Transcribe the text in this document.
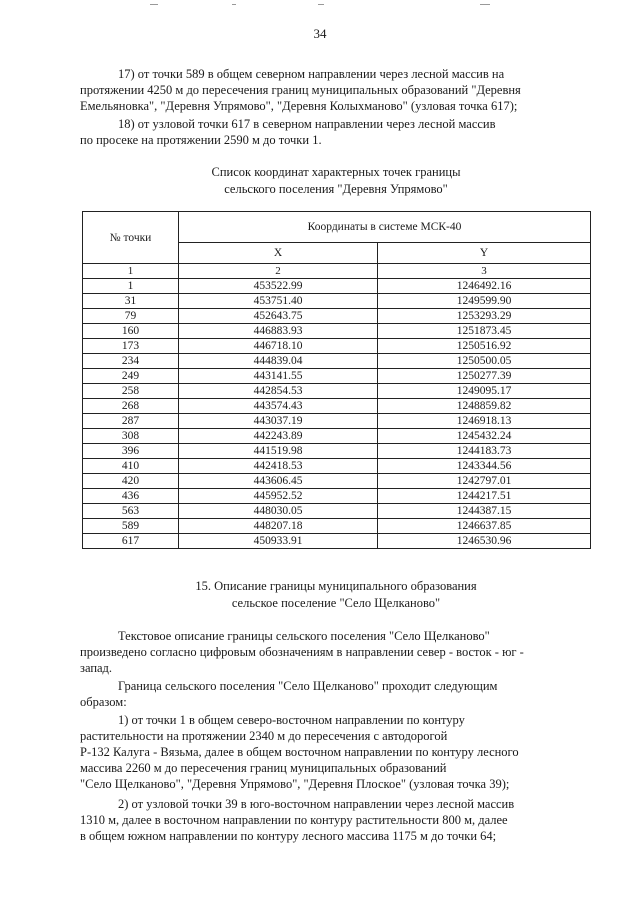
34
17) от точки 589 в общем северном направлении через лесной массив на
протяжении 4250 м до пересечения границ муниципальных образований "Деревня
Емельяновка", "Деревня Упрямово", "Деревня Колыхманово" (узловая точка 617);
18) от узловой точки 617 в северном направлении через лесной массив
по просеке на протяжении 2590 м до точки 1.
Список координат характерных точек границы
сельского поселения "Деревня Упрямово"
№ точки	Координаты в системе МСК-40	
	X	Y
1	2	3
1	453522.99	1246492.16
31	453751.40	1249599.90
79	452643.75	1253293.29
160	446883.93	1251873.45
173	446718.10	1250516.92
234	444839.04	1250500.05
249	443141.55	1250277.39
258	442854.53	1249095.17
268	443574.43	1248859.82
287	443037.19	1246918.13
308	442243.89	1245432.24
396	441519.98	1244183.73
410	442418.53	1243344.56
420	443606.45	1242797.01
436	445952.52	1244217.51
563	448030.05	1244387.15
589	448207.18	1246637.85
617	450933.91	1246530.96
15. Описание границы муниципального образования
сельское поселение "Село Щелканово"
Текстовое описание границы сельского поселения "Село Щелканово"
произведено согласно цифровым обозначениям в направлении север - восток - юг -
запад.
Граница сельского поселения "Село Щелканово" проходит следующим
образом:
1) от точки 1 в общем северо-восточном направлении по контуру
растительности на протяжении 2340 м до пересечения с автодорогой
Р-132 Калуга - Вязьма, далее в общем восточном направлении по контуру лесного
массива 2260 м до пересечения границ муниципальных образований
"Село Щелканово", "Деревня Упрямово", "Деревня Плоское" (узловая точка 39);
2) от узловой точки 39 в юго-восточном направлении через лесной массив
1310 м, далее в восточном направлении по контуру растительности 800 м, далее
в общем южном направлении по контуру лесного массива 1175 м до точки 64;
